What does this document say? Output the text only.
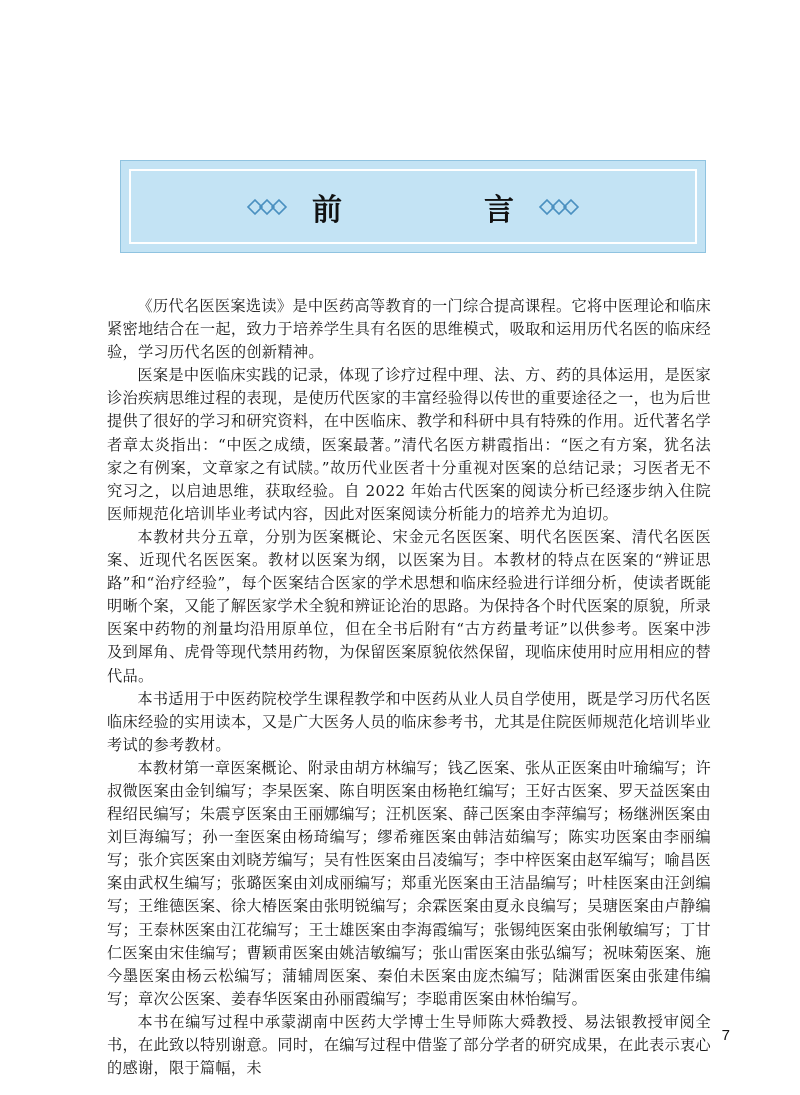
前　言

《历代名医医案选读》是中医药高等教育的一门综合提高课程。它将中医理论和临床紧密地结合在一起，致力于培养学生具有名医的思维模式，吸取和运用历代名医的临床经验，学习历代名医的创新精神。

医案是中医临床实践的记录，体现了诊疗过程中理、法、方、药的具体运用，是医家诊治疾病思维过程的表现，是使历代医家的丰富经验得以传世的重要途径之一，也为后世提供了很好的学习和研究资料，在中医临床、教学和科研中具有特殊的作用。近代著名学者章太炎指出：“中医之成绩，医案最著。”清代名医方耕霞指出：“医之有方案，犹名法家之有例案，文章家之有试牍。”故历代业医者十分重视对医案的总结记录；习医者无不究习之，以启迪思维，获取经验。自 2022 年始古代医案的阅读分析已经逐步纳入住院医师规范化培训毕业考试内容，因此对医案阅读分析能力的培养尤为迫切。

本教材共分五章，分别为医案概论、宋金元名医医案、明代名医医案、清代名医医案、近现代名医医案。教材以医案为纲，以医案为目。本教材的特点在医案的“辨证思路”和“治疗经验”，每个医案结合医家的学术思想和临床经验进行详细分析，使读者既能明晰个案，又能了解医家学术全貌和辨证论治的思路。为保持各个时代医案的原貌，所录医案中药物的剂量均沿用原单位，但在全书后附有“古方药量考证”以供参考。医案中涉及到犀角、虎骨等现代禁用药物，为保留医案原貌依然保留，现临床使用时应用相应的替代品。

本书适用于中医药院校学生课程教学和中医药从业人员自学使用，既是学习历代名医临床经验的实用读本，又是广大医务人员的临床参考书，尤其是住院医师规范化培训毕业考试的参考教材。

本教材第一章医案概论、附录由胡方林编写；钱乙医案、张从正医案由叶瑜编写；许叔微医案由金钊编写；李杲医案、陈自明医案由杨艳红编写；王好古医案、罗天益医案由程绍民编写；朱震亨医案由王丽娜编写；汪机医案、薛己医案由李萍编写；杨继洲医案由刘巨海编写；孙一奎医案由杨琦编写；缪希雍医案由韩洁茹编写；陈实功医案由李丽编写；张介宾医案由刘晓芳编写；吴有性医案由吕凌编写；李中梓医案由赵军编写；喻昌医案由武权生编写；张璐医案由刘成丽编写；郑重光医案由王洁晶编写；叶桂医案由汪剑编写；王维德医案、徐大椿医案由张明锐编写；余霖医案由夏永良编写；吴瑭医案由卢静编写；王泰林医案由江花编写；王士雄医案由李海霞编写；张锡纯医案由张俐敏编写；丁甘仁医案由宋佳编写；曹颖甫医案由姚洁敏编写；张山雷医案由张弘编写；祝味菊医案、施今墨医案由杨云松编写；蒲辅周医案、秦伯未医案由庞杰编写；陆渊雷医案由张建伟编写；章次公医案、姜春华医案由孙丽霞编写；李聪甫医案由林怡编写。

本书在编写过程中承蒙湖南中医药大学博士生导师陈大舜教授、易法银教授审阅全书，在此致以特别谢意。同时，在编写过程中借鉴了部分学者的研究成果，在此表示衷心的感谢，限于篇幅，未

7
